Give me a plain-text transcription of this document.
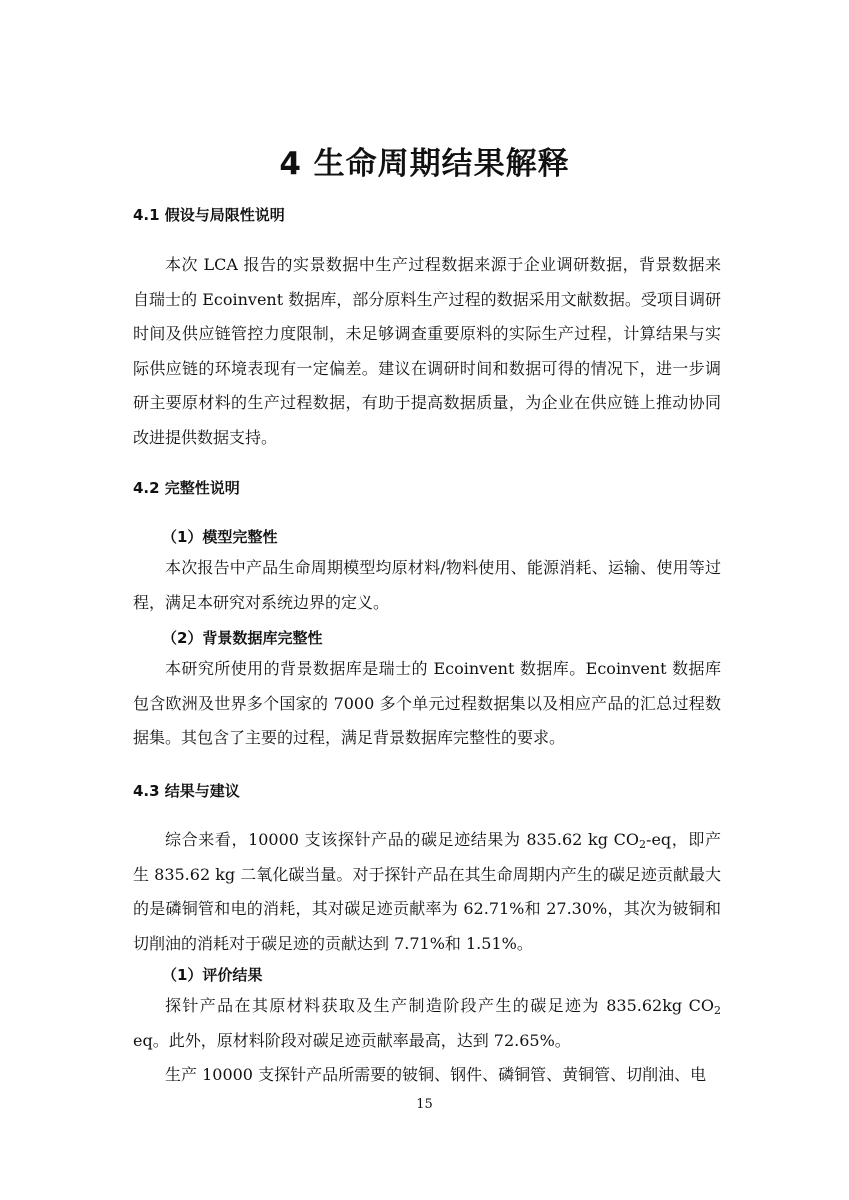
4 生命周期结果解释
4.1 假设与局限性说明

本次 LCA 报告的实景数据中生产过程数据来源于企业调研数据，背景数据来自瑞士的 Ecoinvent 数据库，部分原料生产过程的数据采用文献数据。受项目调研时间及供应链管控力度限制，未足够调查重要原料的实际生产过程，计算结果与实际供应链的环境表现有一定偏差。建议在调研时间和数据可得的情况下，进一步调研主要原材料的生产过程数据，有助于提高数据质量，为企业在供应链上推动协同改进提供数据支持。

4.2 完整性说明
（1）模型完整性

本次报告中产品生命周期模型均原材料/物料使用、能源消耗、运输、使用等过程，满足本研究对系统边界的定义。

（2）背景数据库完整性

本研究所使用的背景数据库是瑞士的 Ecoinvent 数据库。Ecoinvent 数据库包含欧洲及世界多个国家的 7000 多个单元过程数据集以及相应产品的汇总过程数据集。其包含了主要的过程，满足背景数据库完整性的要求。

4.3 结果与建议

综合来看，10000 支该探针产品的碳足迹结果为 835.62 kg $CO_2-eq$，即产生 835.62 kg 二氧化碳当量。对于探针产品在其生命周期内产生的碳足迹贡献最大的是磷铜管和电的消耗，其对碳足迹贡献率为 62.71%和 27.30%，其次为铍铜和切削油的消耗对于碳足迹的贡献达到 7.71%和 1.51%。

（1）评价结果

探针产品在其原材料获取及生产制造阶段产生的碳足迹为 835.62kg $CO_2$ eq。此外，原材料阶段对碳足迹贡献率最高，达到 72.65%。

生产 10000 支探针产品所需要的铍铜、钢件、磷铜管、黄铜管、切削油、电

15
